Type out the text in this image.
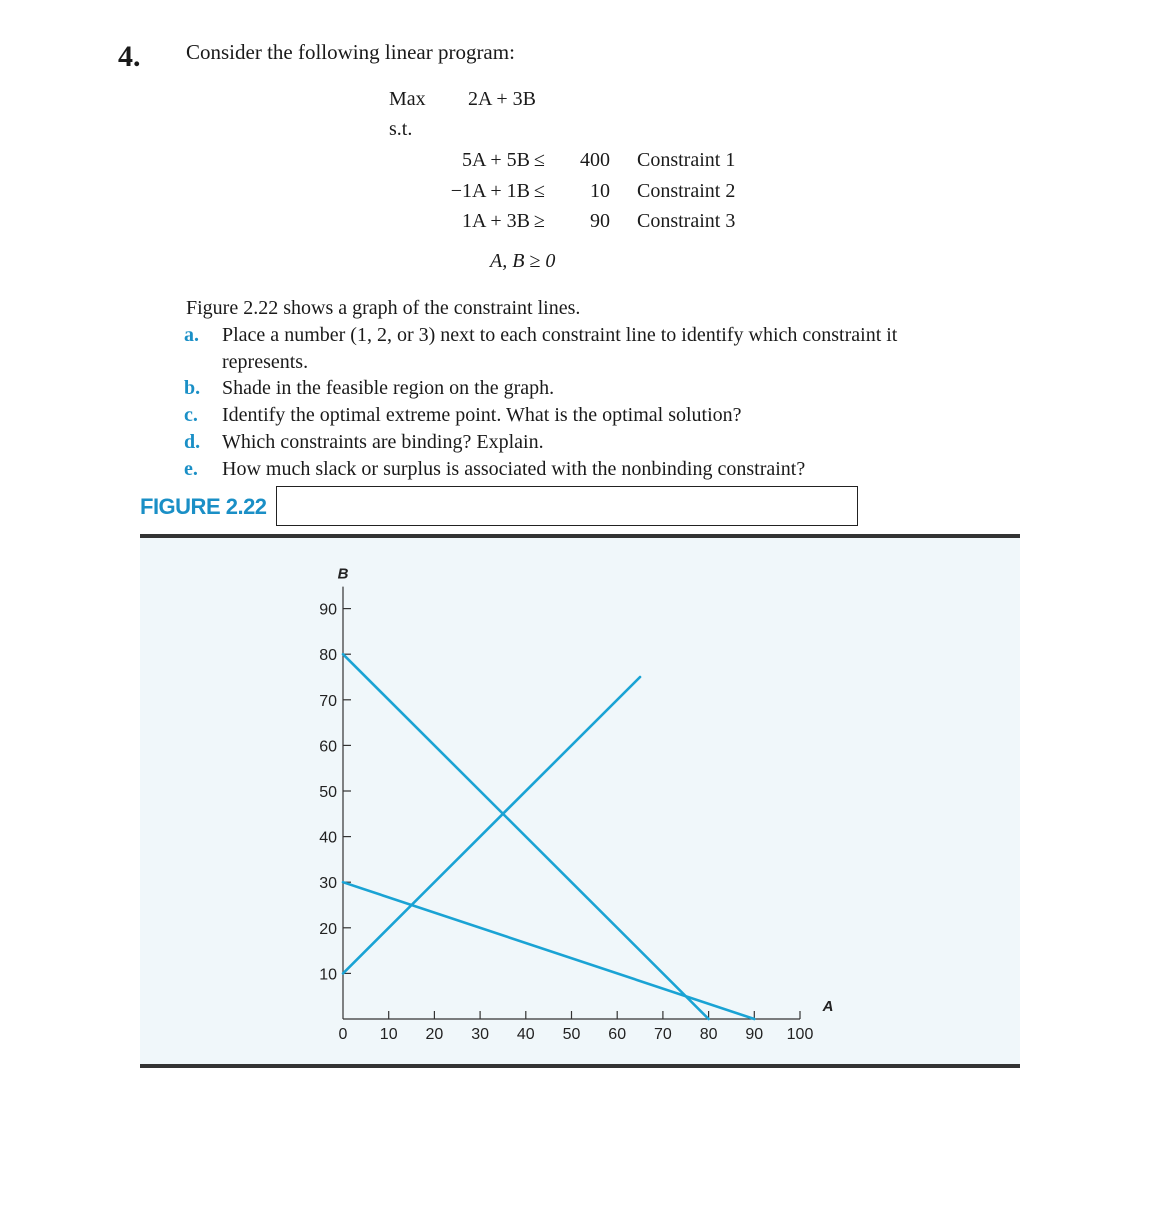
4. Consider the following linear program:
Max 2A + 3B
s.t.
5A + 5B ≤ 400 Constraint 1
−1A + 1B ≤ 10 Constraint 2
1A + 3B ≥ 90 Constraint 3
A, B ≥ 0
Figure 2.22 shows a graph of the constraint lines.
a.	Place a number (1, 2, or 3) next to each constraint line to identify which constraint it
represents.
b.	Shade in the feasible region on the graph.
c.	Identify the optimal extreme point. What is the optimal solution?
d.	Which constraints are binding? Explain.
e.	How much slack or surplus is associated with the nonbinding constraint?
FIGURE 2.22
10 20 30 40 50 60 70 80 90 100
10
20
30
40
50
60
70
80
90
0
B
A
